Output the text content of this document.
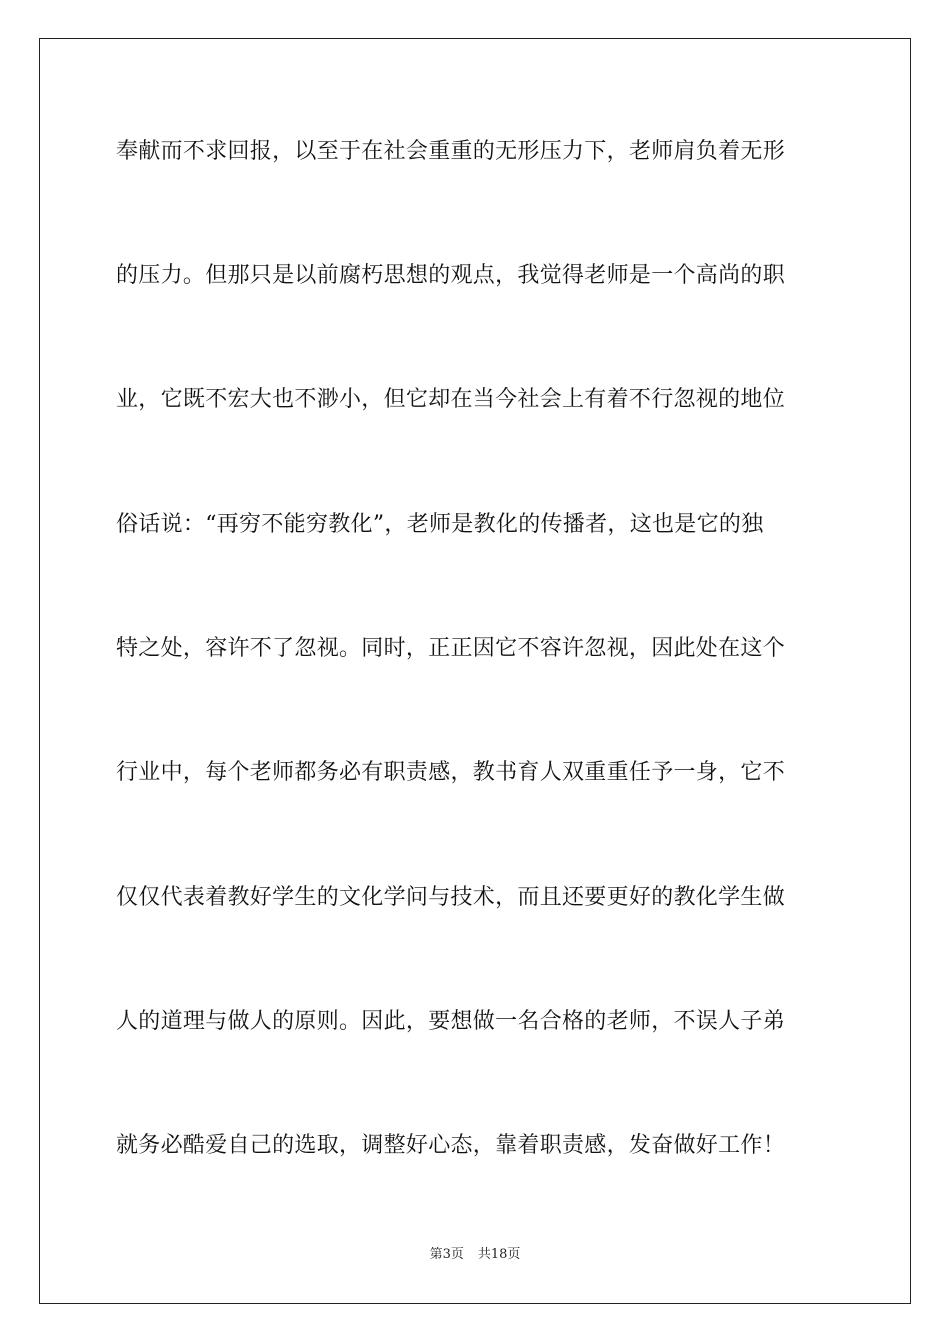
奉献而不求回报，以至于在社会重重的无形压力下，老师肩负着无形
的压力。但那只是以前腐朽思想的观点，我觉得老师是一个高尚的职
业，它既不宏大也不渺小，但它却在当今社会上有着不行忽视的地位
俗话说：“再穷不能穷教化”，老师是教化的传播者，这也是它的独
特之处，容许不了忽视。同时，正正因它不容许忽视，因此处在这个
行业中，每个老师都务必有职责感，教书育人双重重任予一身，它不
仅仅代表着教好学生的文化学问与技术，而且还要更好的教化学生做
人的道理与做人的原则。因此，要想做一名合格的老师，不误人子弟
就务必酷爱自己的选取，调整好心态，靠着职责感，发奋做好工作！
第3页 共18页
